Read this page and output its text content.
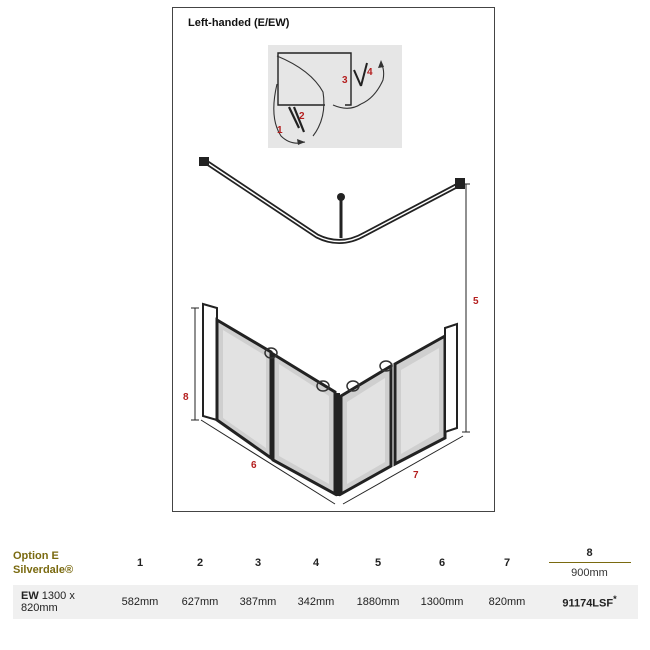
Left-handed (E/EW)
1
2
3
4
5
6
7
8
Option E
Silverdale®	1	2	3	4	5	6	7	8
900mm

EW 1300 x 820mm	582mm	627mm	387mm	342mm	1880mm	1300mm	820mm	91174LSF*
